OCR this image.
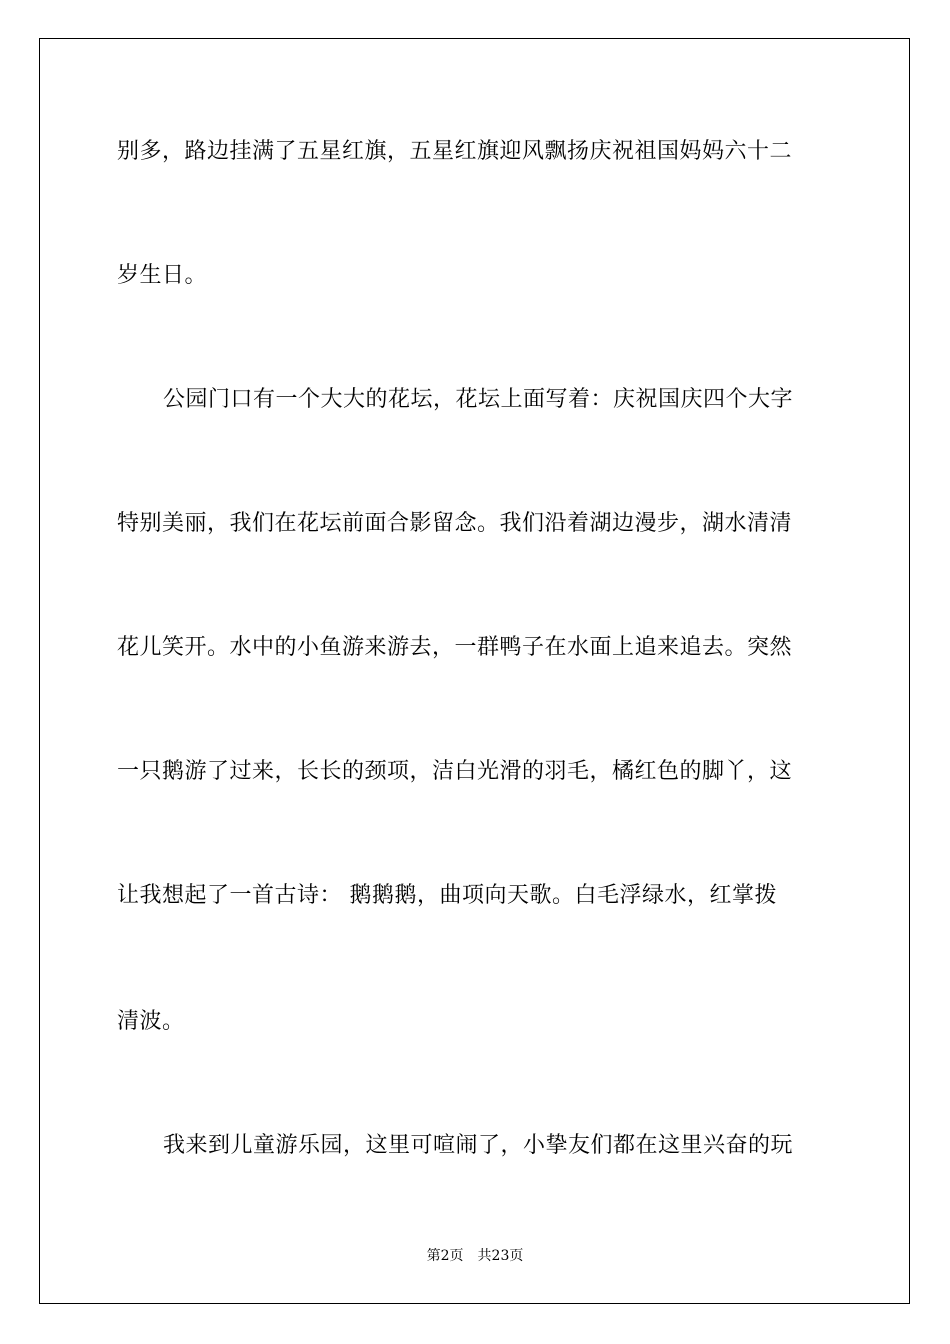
别多，路边挂满了五星红旗，五星红旗迎风飘扬庆祝祖国妈妈六十二
岁生日。
公园门口有一个大大的花坛，花坛上面写着：庆祝国庆四个大字
特别美丽，我们在花坛前面合影留念。我们沿着湖边漫步，湖水清清
花儿笑开。水中的小鱼游来游去，一群鸭子在水面上追来追去。突然
一只鹅游了过来，长长的颈项，洁白光滑的羽毛，橘红色的脚丫，这
让我想起了一首古诗： 鹅鹅鹅，曲项向天歌。白毛浮绿水，红掌拨
清波。
我来到儿童游乐园，这里可喧闹了，小挚友们都在这里兴奋的玩
第2页 共23页
